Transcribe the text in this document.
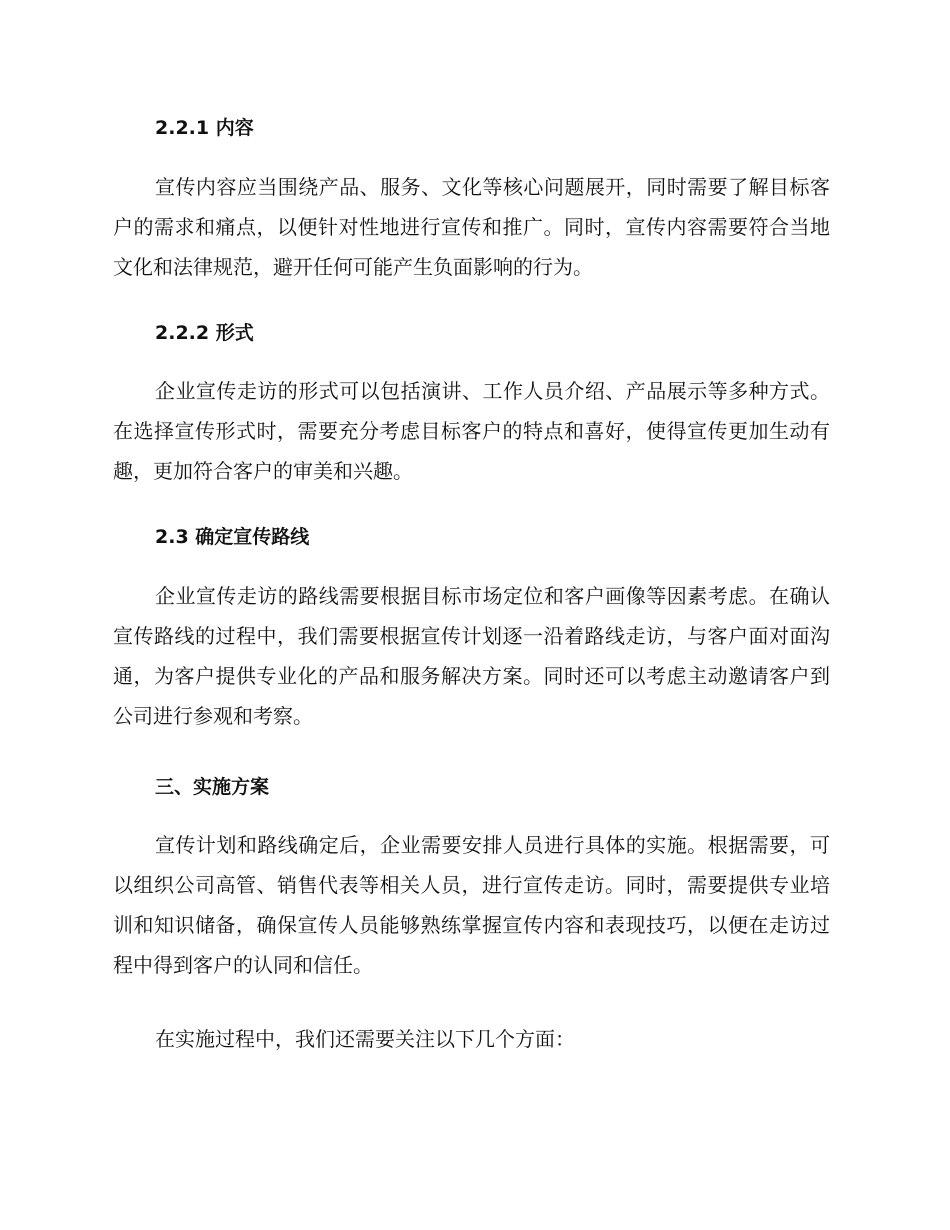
2.2.1 内容

宣传内容应当围绕产品、服务、文化等核心问题展开，同时需要了解目标客户的需求和痛点，以便针对性地进行宣传和推广。同时，宣传内容需要符合当地文化和法律规范，避开任何可能产生负面影响的行为。

2.2.2 形式

企业宣传走访的形式可以包括演讲、工作人员介绍、产品展示等多种方式。在选择宣传形式时，需要充分考虑目标客户的特点和喜好，使得宣传更加生动有趣，更加符合客户的审美和兴趣。

2.3 确定宣传路线

企业宣传走访的路线需要根据目标市场定位和客户画像等因素考虑。在确认宣传路线的过程中，我们需要根据宣传计划逐一沿着路线走访，与客户面对面沟通，为客户提供专业化的产品和服务解决方案。同时还可以考虑主动邀请客户到公司进行参观和考察。

三、实施方案

宣传计划和路线确定后，企业需要安排人员进行具体的实施。根据需要，可以组织公司高管、销售代表等相关人员，进行宣传走访。同时，需要提供专业培训和知识储备，确保宣传人员能够熟练掌握宣传内容和表现技巧，以便在走访过程中得到客户的认同和信任。

在实施过程中，我们还需要关注以下几个方面：
